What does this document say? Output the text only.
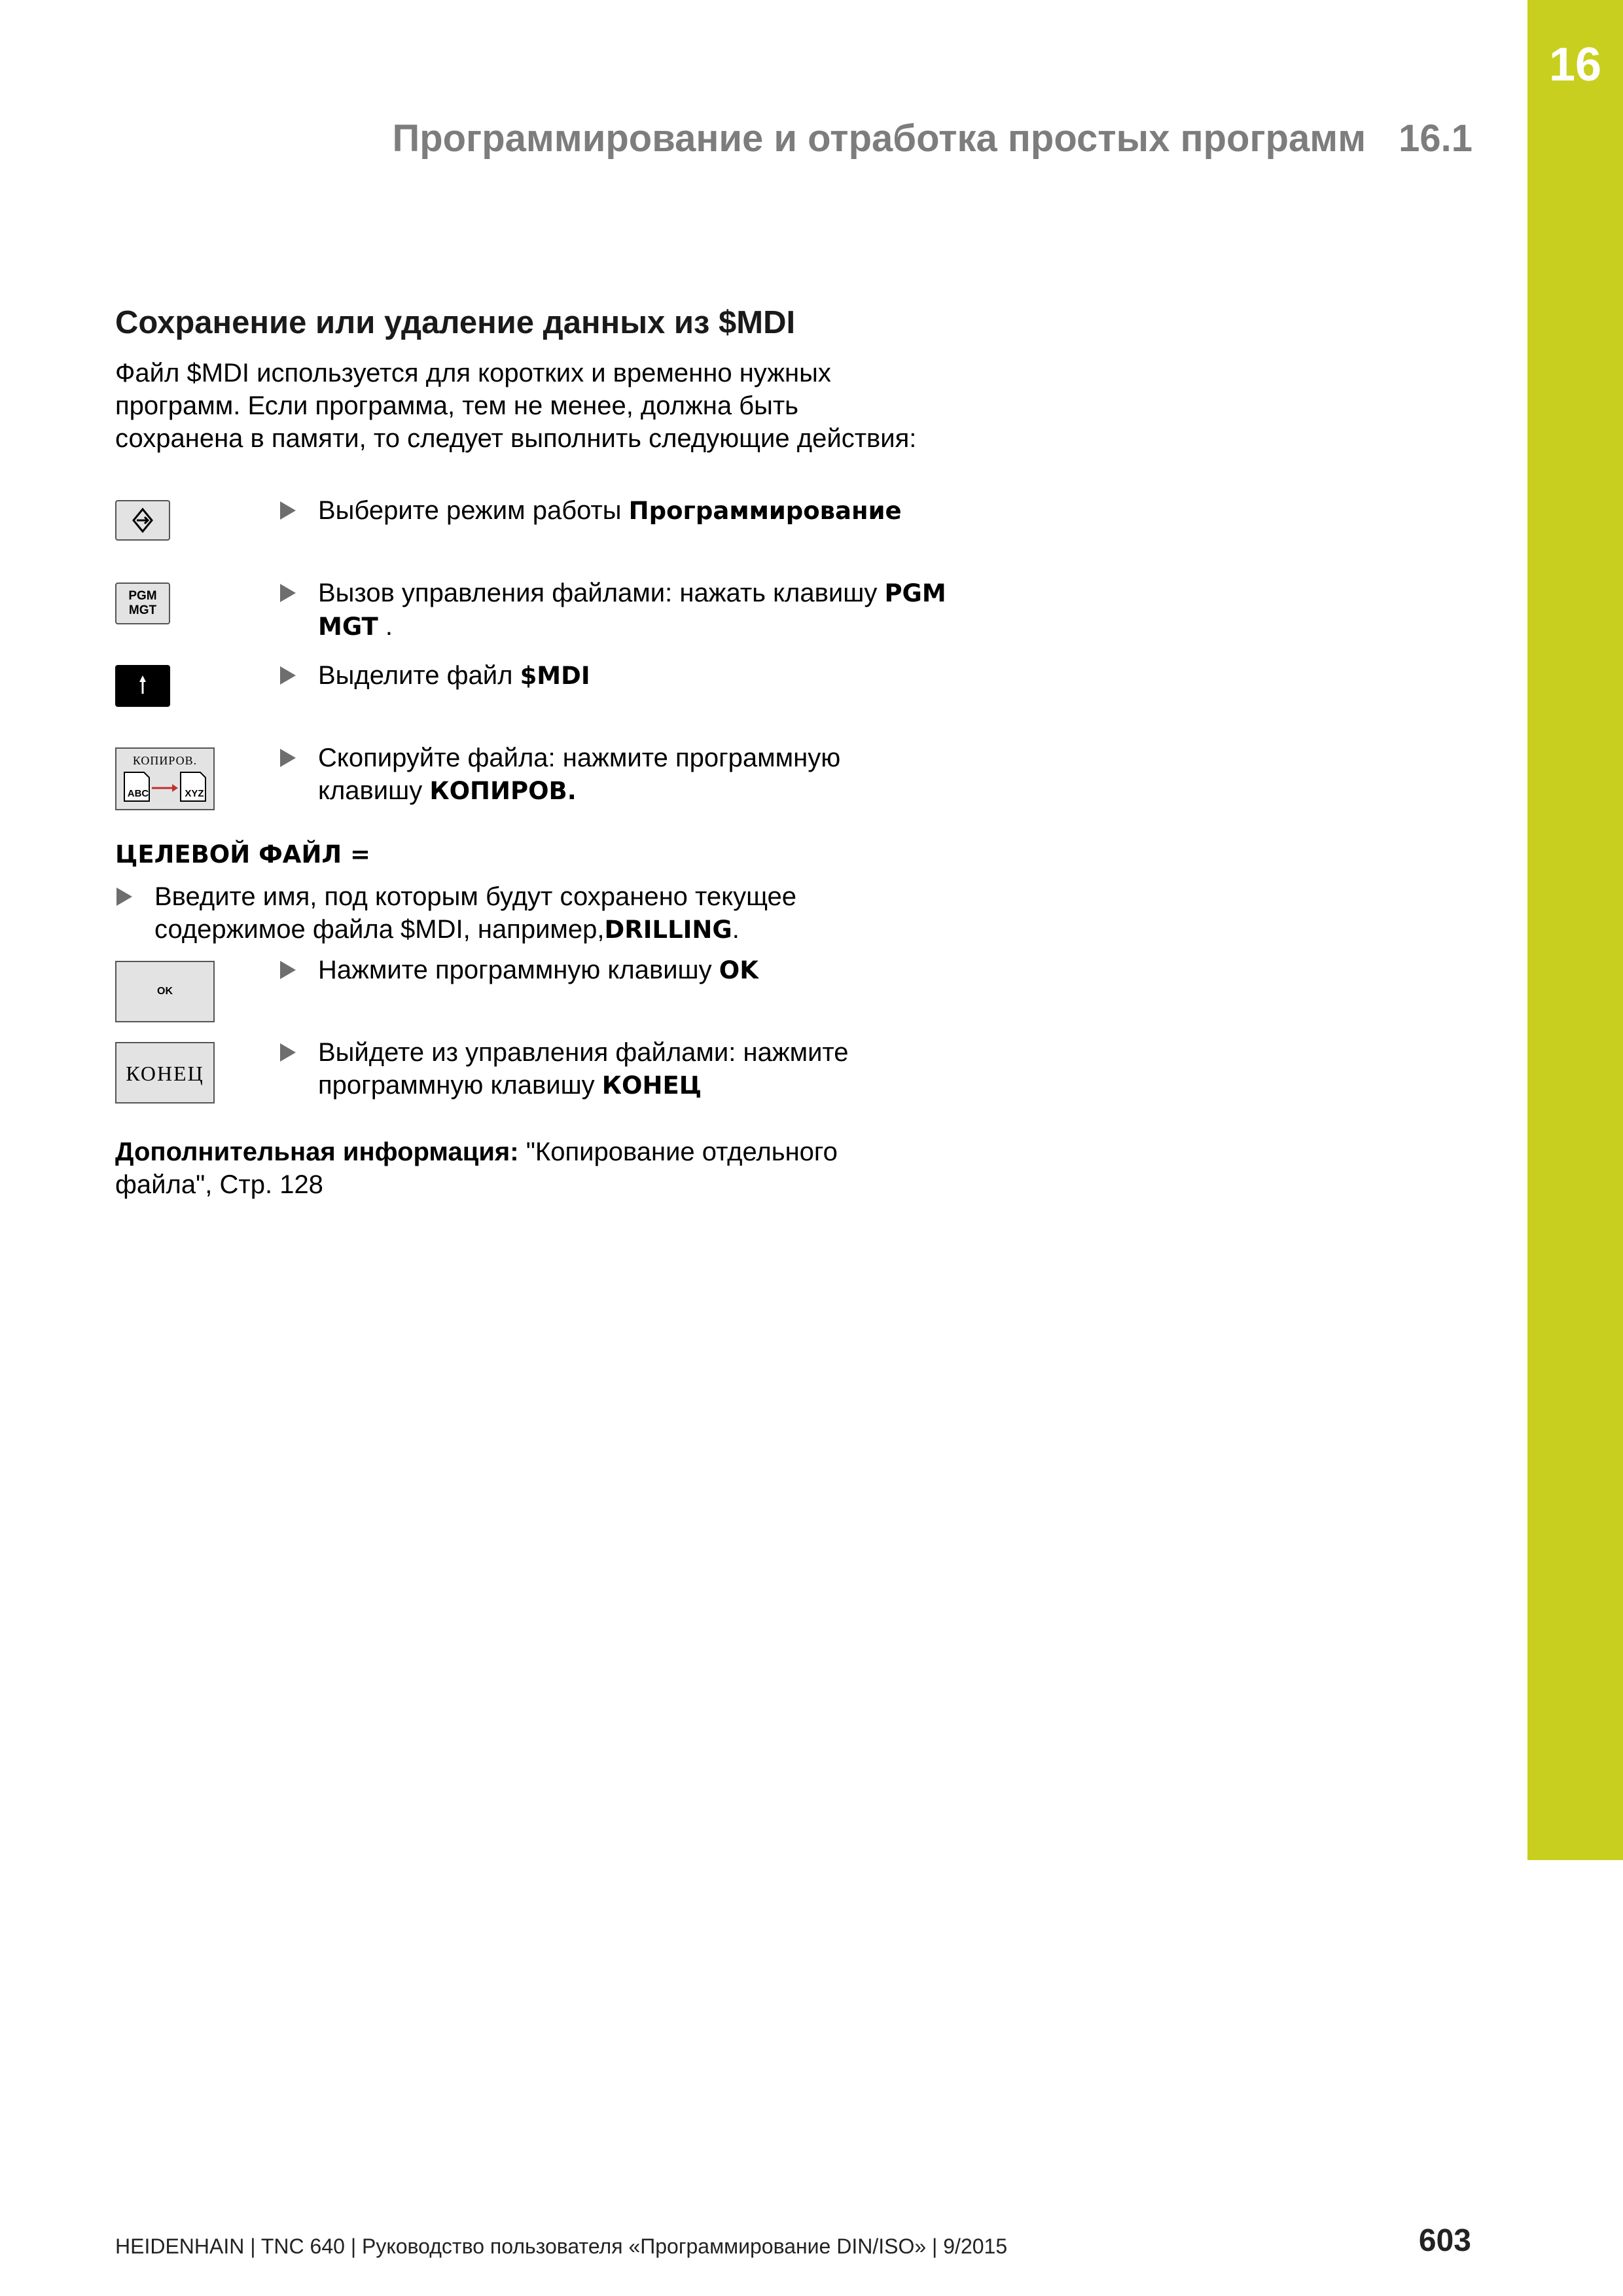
16
Программирование и отработка простых программ 16.1
Сохранение или удаление данных из $MDI
Файл $MDI используется для коротких и временно нужных программ. Если программа, тем не менее, должна быть сохранена в памяти, то следует выполнить следующие действия:
Выберите режим работы Программирование
PGM
MGT
Вызов управления файлами: нажать клавишу PGM MGT .
Выделите файл $MDI
КОПИРОВ.
ABC	XYZ
Скопируйте файла: нажмите программную клавишу КОПИРОВ.
ЦЕЛЕВОЙ ФАЙЛ =
Введите имя, под которым будут сохранено текущее содержимое файла $MDI, например,DRILLING.
OK
Нажмите программную клавишу OK
КОНЕЦ
Выйдете из управления файлами: нажмите программную клавишу КОНЕЦ
Дополнительная информация: "Копирование отдельного файла", Стр. 128
HEIDENHAIN | TNC 640 | Руководство пользователя «Программирование DIN/ISO» | 9/2015	603
